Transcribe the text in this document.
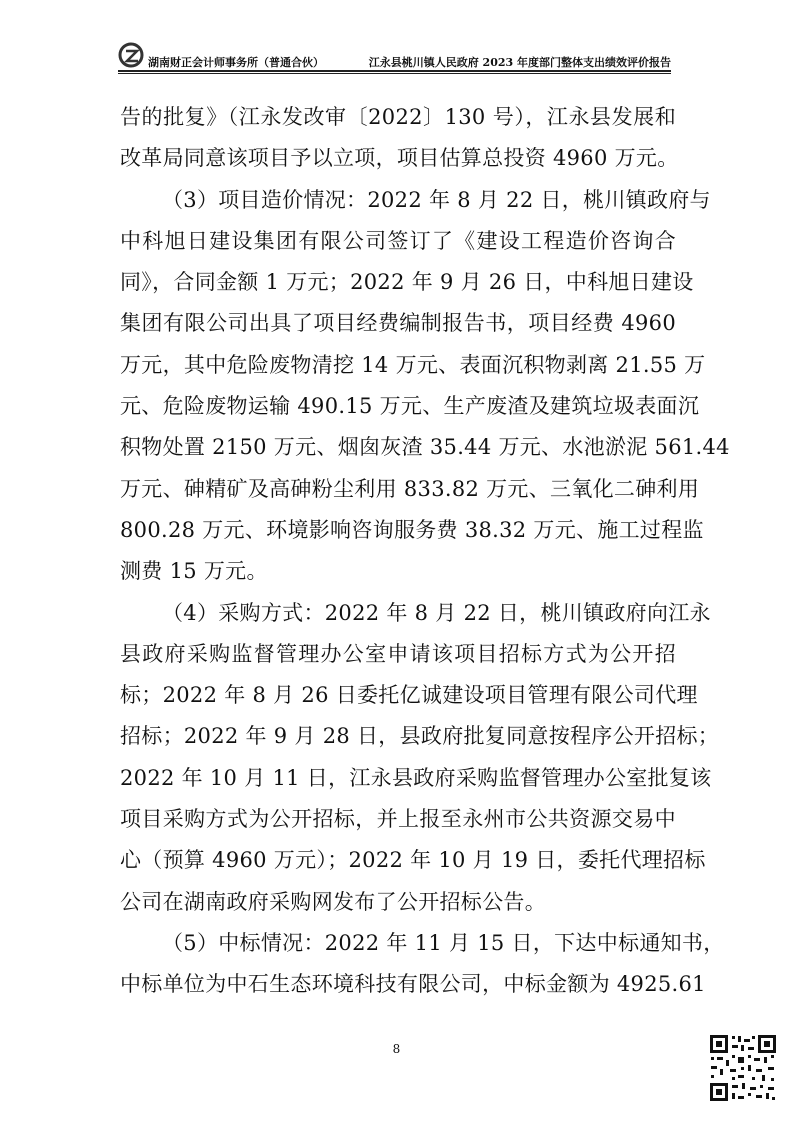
湖南财正会计师事务所（普通合伙）	江永县桃川镇人民政府 2023 年度部门整体支出绩效评价报告
告的批复》（江永发改审〔2022〕130 号），江永县发展和
改革局同意该项目予以立项，项目估算总投资 4960 万元。
（3）项目造价情况：2022 年 8 月 22 日，桃川镇政府与
中科旭日建设集团有限公司签订了《建设工程造价咨询合
同》，合同金额 1 万元；2022 年 9 月 26 日，中科旭日建设
集团有限公司出具了项目经费编制报告书，项目经费 4960
万元，其中危险废物清挖 14 万元、表面沉积物剥离 21.55 万
元、危险废物运输 490.15 万元、生产废渣及建筑垃圾表面沉
积物处置 2150 万元、烟囱灰渣 35.44 万元、水池淤泥 561.44
万元、砷精矿及高砷粉尘利用 833.82 万元、三氧化二砷利用
800.28 万元、环境影响咨询服务费 38.32 万元、施工过程监
测费 15 万元。
（4）采购方式：2022 年 8 月 22 日，桃川镇政府向江永
县政府采购监督管理办公室申请该项目招标方式为公开招
标；2022 年 8 月 26 日委托亿诚建设项目管理有限公司代理
招标；2022 年 9 月 28 日，县政府批复同意按程序公开招标；
2022 年 10 月 11 日，江永县政府采购监督管理办公室批复该
项目采购方式为公开招标，并上报至永州市公共资源交易中
心（预算 4960 万元）；2022 年 10 月 19 日，委托代理招标
公司在湖南政府采购网发布了公开招标公告。
（5）中标情况：2022 年 11 月 15 日，下达中标通知书，
中标单位为中石生态环境科技有限公司，中标金额为 4925.61
8
